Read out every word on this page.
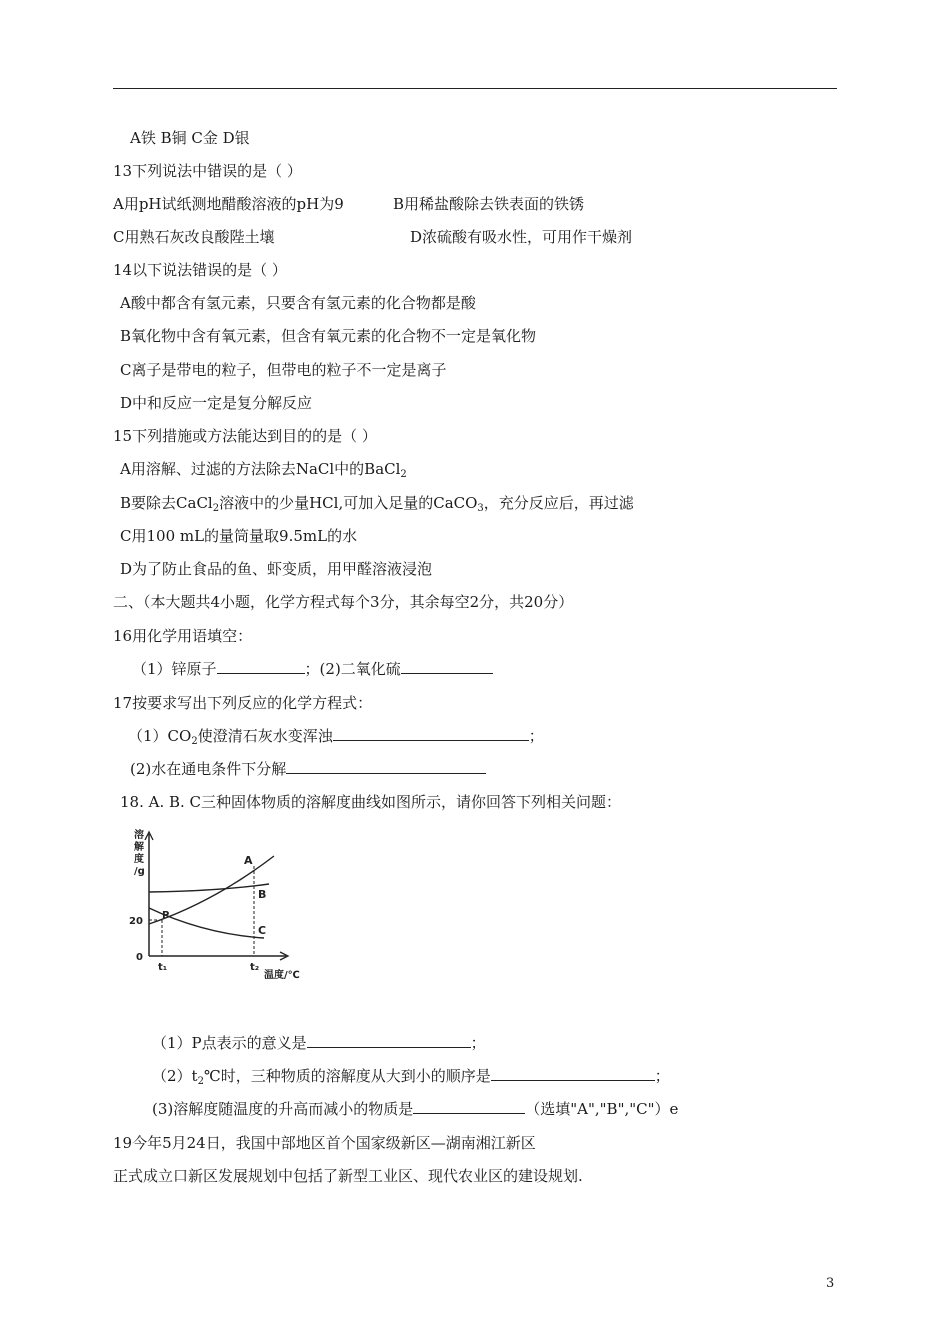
A铁 B铜 C金 D银
13下列说法中错误的是（ ）
A用pH试纸测地醋酸溶液的pH为9	B用稀盐酸除去铁表面的铁锈
C用熟石灰改良酸陛土壤	D浓硫酸有吸水性，可用作干燥剂
14以下说法错误的是（ ）
A酸中都含有氢元素，只要含有氢元素的化合物都是酸
B氧化物中含有氧元素，但含有氧元素的化合物不一定是氧化物
C离子是带电的粒子，但带电的粒子不一定是离子
D中和反应一定是复分解反应
15下列措施或方法能达到目的的是（ ）
A用溶解、过滤的方法除去NaCl中的BaCl$_2$
B要除去CaCl$_2$溶液中的少量HCl,可加入足量的CaCO$_3$，充分反应后，再过滤
C用100 mL的量筒量取9.5mL的水
D为了防止食品的鱼、虾变质，用甲醛溶液浸泡
二、（本大题共4小题，化学方程式每个3分，其余每空2分，共20分）
16用化学用语填空：
（1）锌原子	；(2)二氧化硫
17按要求写出下列反应的化学方程式：
$(1)CO_2$使澄清石灰水变浑浊	；
(2)水在通电条件下分解
18. A. B. C三种固体物质的溶解度曲线如图所示，请你回答下列相关问题：
溶
解
度
/g
20
0
P
A
B
C
t₁	t₂
温度/℃
（1）P点表示的意义是	；
$(2)t_2℃$时，三种物质的溶解度从大到小的顺序是	；
(3)溶解度随温度的升高而减小的物质是	（选填"A","B","C"）e
19今年5月24日，我国中部地区首个国家级新区—湖南湘江新区
正式成立口新区发展规划中包括了新型工业区、现代农业区的建设规划.
3
